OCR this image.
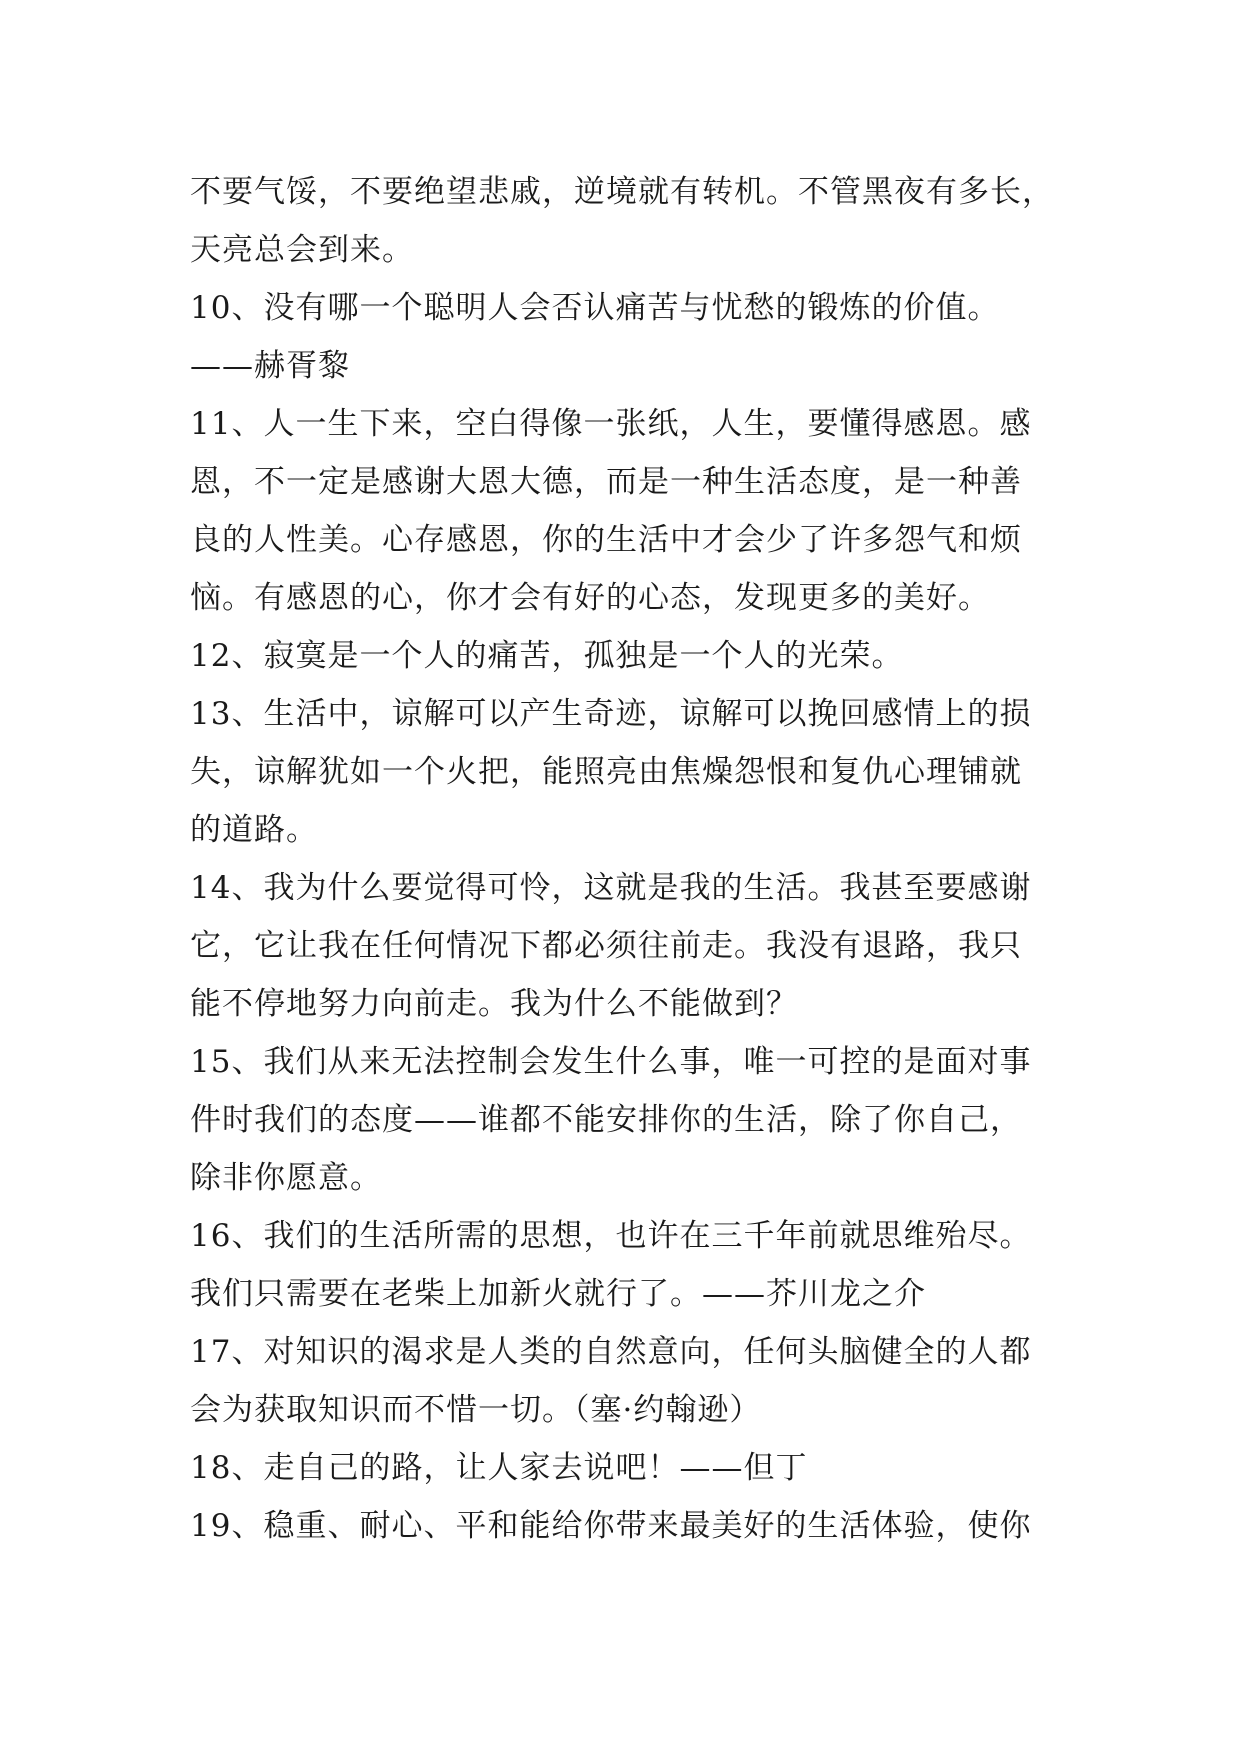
不要气馁，不要绝望悲戚，逆境就有转机。不管黑夜有多长，
天亮总会到来。
10、没有哪一个聪明人会否认痛苦与忧愁的锻炼的价值。
——赫胥黎
11、人一生下来，空白得像一张纸，人生，要懂得感恩。感
恩，不一定是感谢大恩大德，而是一种生活态度，是一种善
良的人性美。心存感恩，你的生活中才会少了许多怨气和烦
恼。有感恩的心，你才会有好的心态，发现更多的美好。
12、寂寞是一个人的痛苦，孤独是一个人的光荣。
13、生活中，谅解可以产生奇迹，谅解可以挽回感情上的损
失，谅解犹如一个火把，能照亮由焦燥怨恨和复仇心理铺就
的道路。
14、我为什么要觉得可怜，这就是我的生活。我甚至要感谢
它，它让我在任何情况下都必须往前走。我没有退路，我只
能不停地努力向前走。我为什么不能做到？
15、我们从来无法控制会发生什么事，唯一可控的是面对事
件时我们的态度——谁都不能安排你的生活，除了你自己，
除非你愿意。
16、我们的生活所需的思想，也许在三千年前就思维殆尽。
我们只需要在老柴上加新火就行了。——芥川龙之介
17、对知识的渴求是人类的自然意向，任何头脑健全的人都
会为获取知识而不惜一切。（塞·约翰逊）
18、走自己的路，让人家去说吧！——但丁
19、稳重、耐心、平和能给你带来最美好的生活体验，使你
